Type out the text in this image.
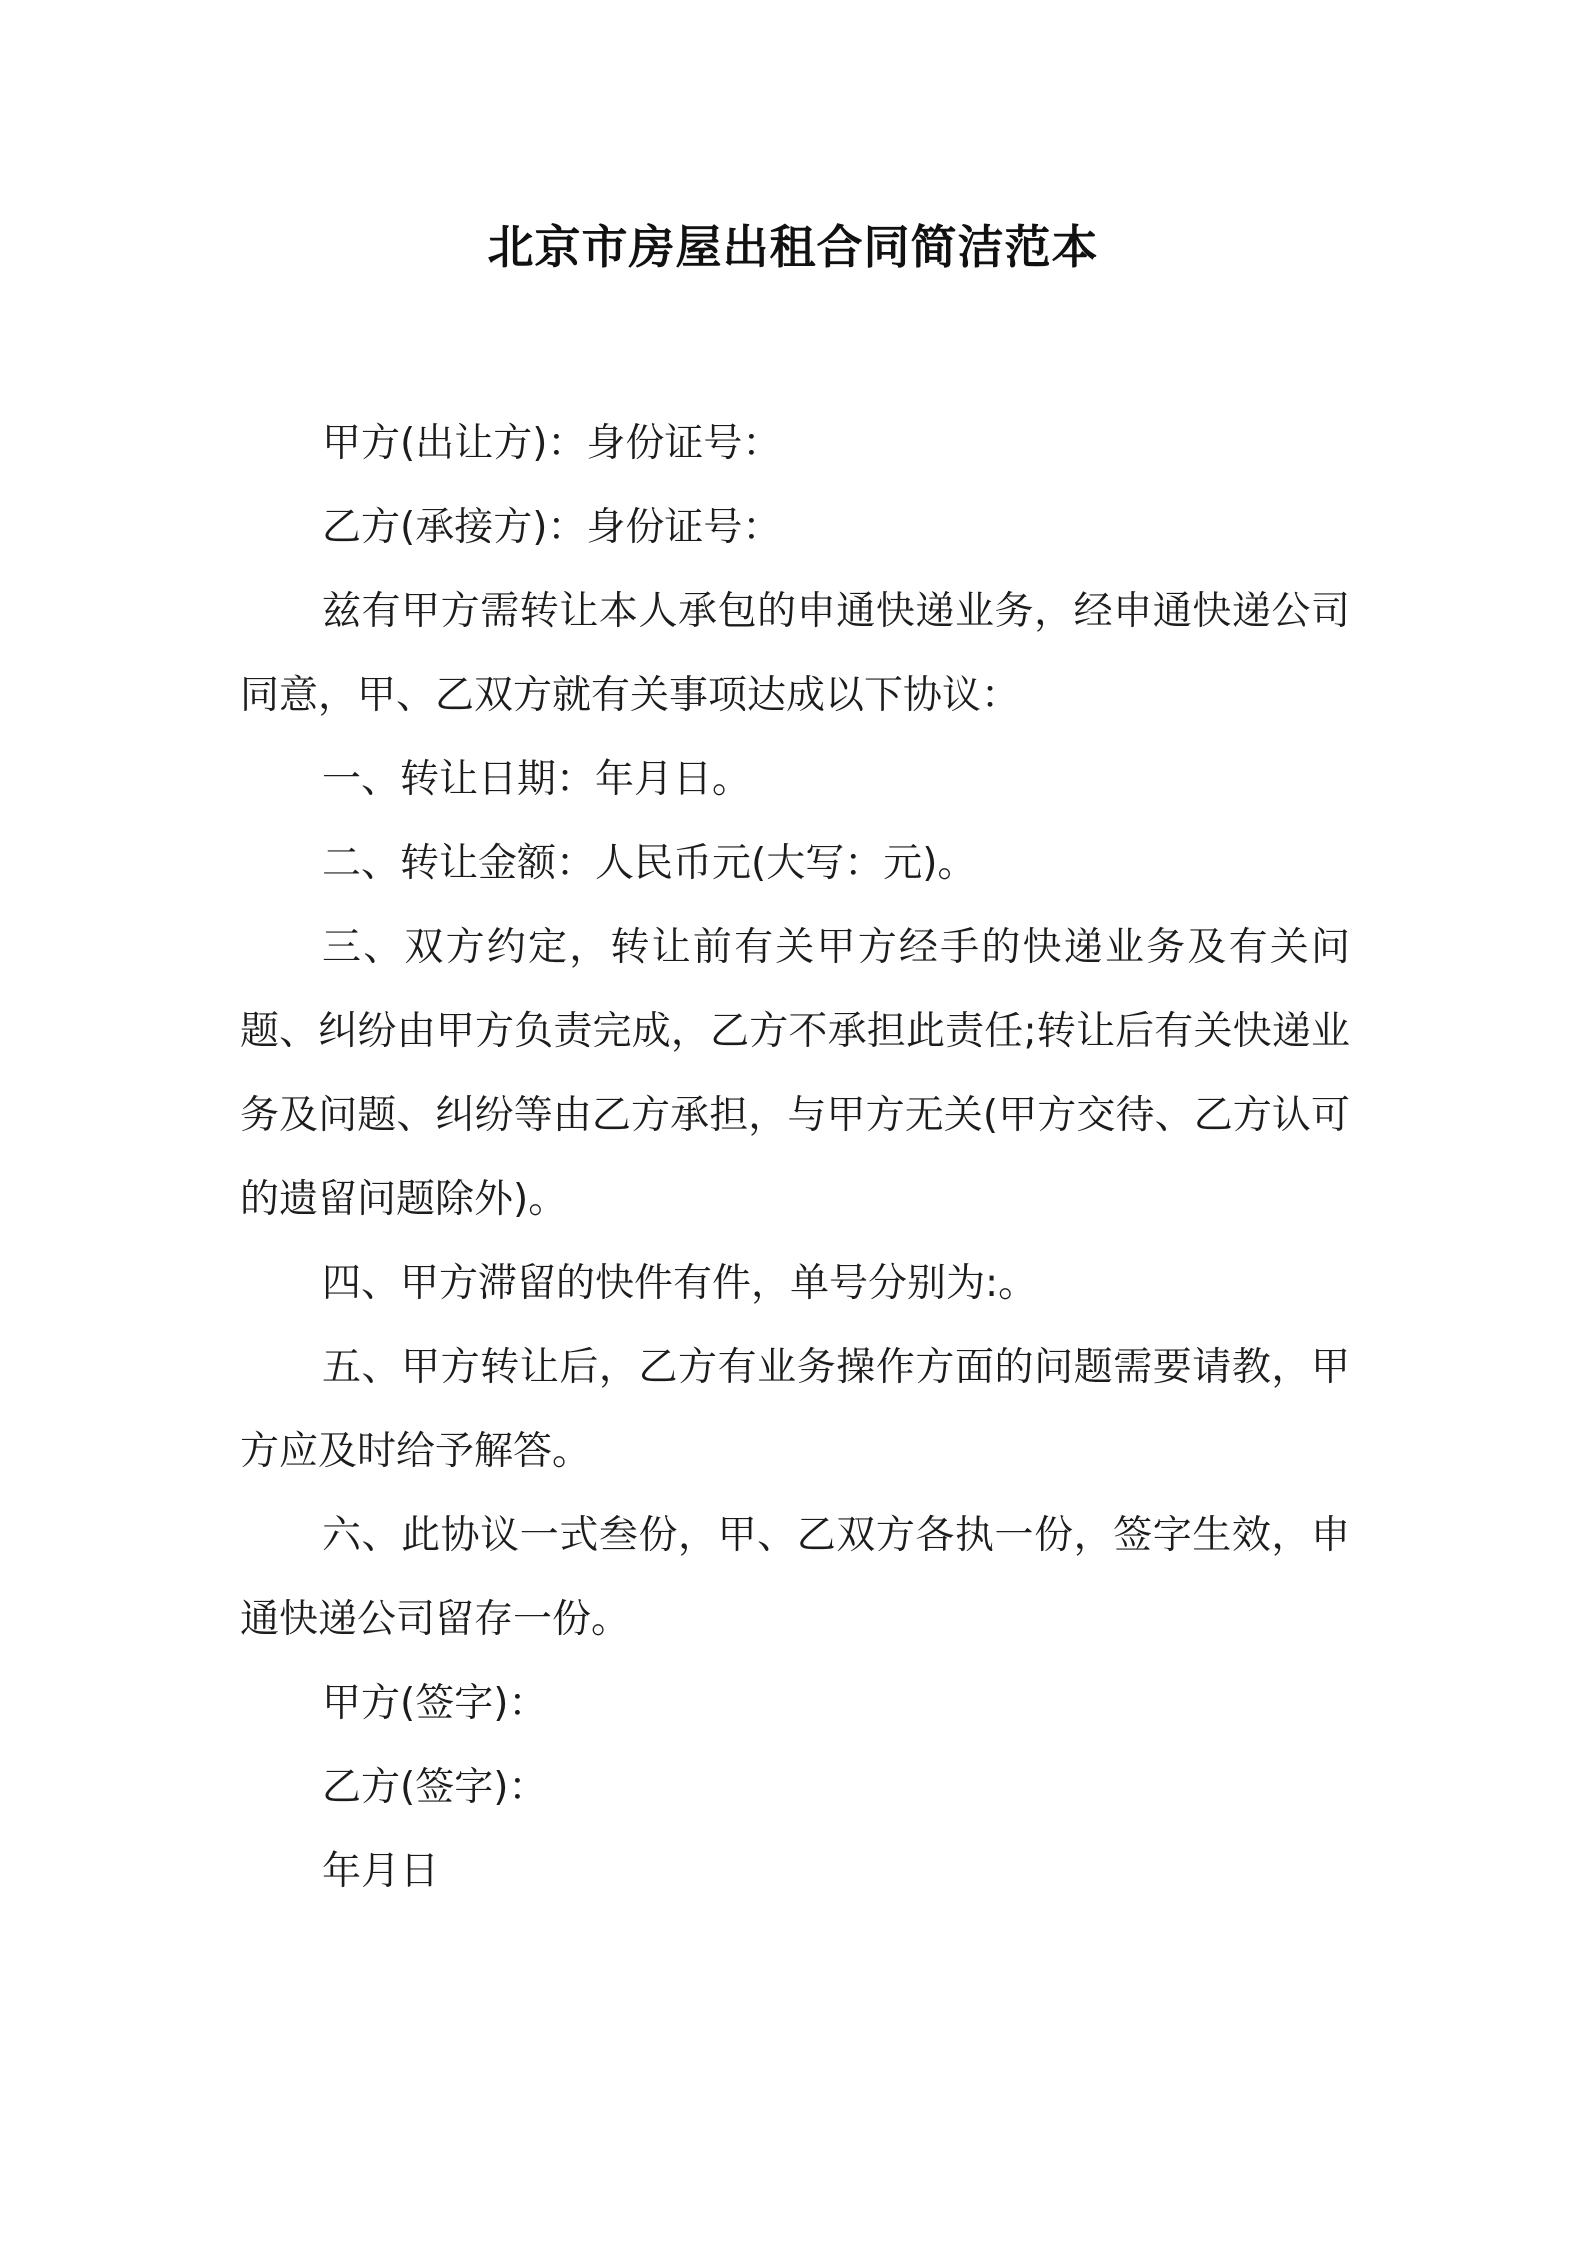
北京市房屋出租合同简洁范本

甲方(出让方)：身份证号：

乙方(承接方)：身份证号：

兹有甲方需转让本人承包的申通快递业务，经申通快递公司同意，甲、乙双方就有关事项达成以下协议：

一、转让日期：年月日。

二、转让金额：人民币元(大写：元)。

三、双方约定，转让前有关甲方经手的快递业务及有关问题、纠纷由甲方负责完成，乙方不承担此责任;转让后有关快递业务及问题、纠纷等由乙方承担，与甲方无关(甲方交待、乙方认可的遗留问题除外)。

四、甲方滞留的快件有件，单号分别为:。

五、甲方转让后，乙方有业务操作方面的问题需要请教，甲方应及时给予解答。

六、此协议一式叁份，甲、乙双方各执一份，签字生效，申通快递公司留存一份。

甲方(签字)：

乙方(签字)：

年月日
